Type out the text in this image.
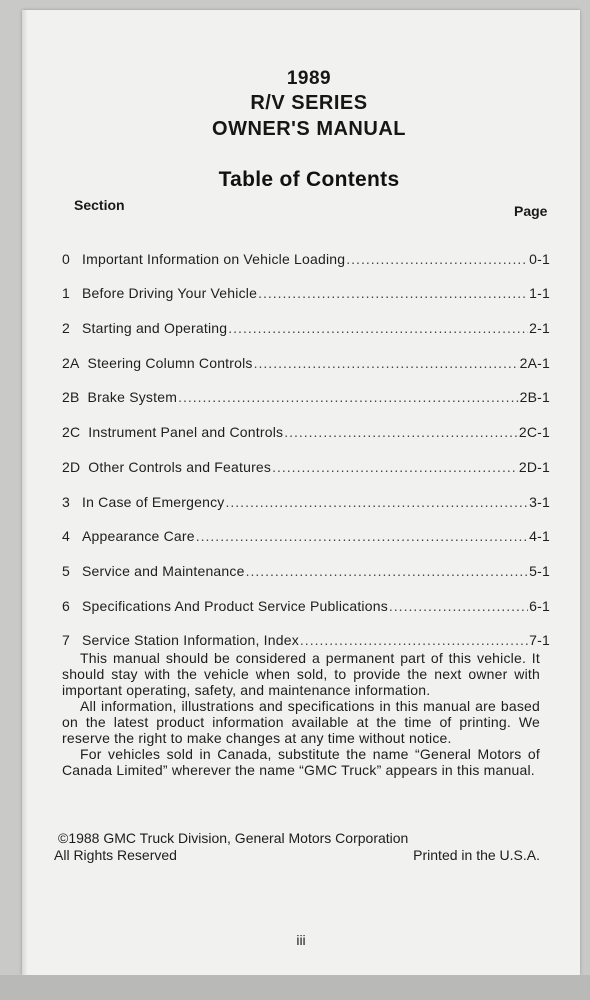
1989
R/V SERIES
OWNER'S MANUAL
Table of Contents
Section	Page
0 Important Information on Vehicle Loading .....	0-1
1 Before Driving Your Vehicle .....	1-1
2 Starting and Operating .....	2-1
2A Steering Column Controls .....	2A-1
2B Brake System .....	2B-1
2C Instrument Panel and Controls .....	2C-1
2D Other Controls and Features .....	2D-1
3 In Case of Emergency .....	3-1
4 Appearance Care .....	4-1
5 Service and Maintenance .....	5-1
6 Specifications And Product Service Publications .....	6-1
7 Service Station Information, Index .....	7-1

This manual should be considered a permanent part of this vehicle. It should stay with the vehicle when sold, to provide the next owner with important operating, safety, and maintenance information.

All information, illustrations and specifications in this manual are based on the latest product information available at the time of printing. We reserve the right to make changes at any time without notice.

For vehicles sold in Canada, substitute the name “General Motors of Canada Limited” wherever the name “GMC Truck” appears in this manual.

©1988 GMC Truck Division, General Motors Corporation
All Rights Reserved	Printed in the U.S.A.
iii
